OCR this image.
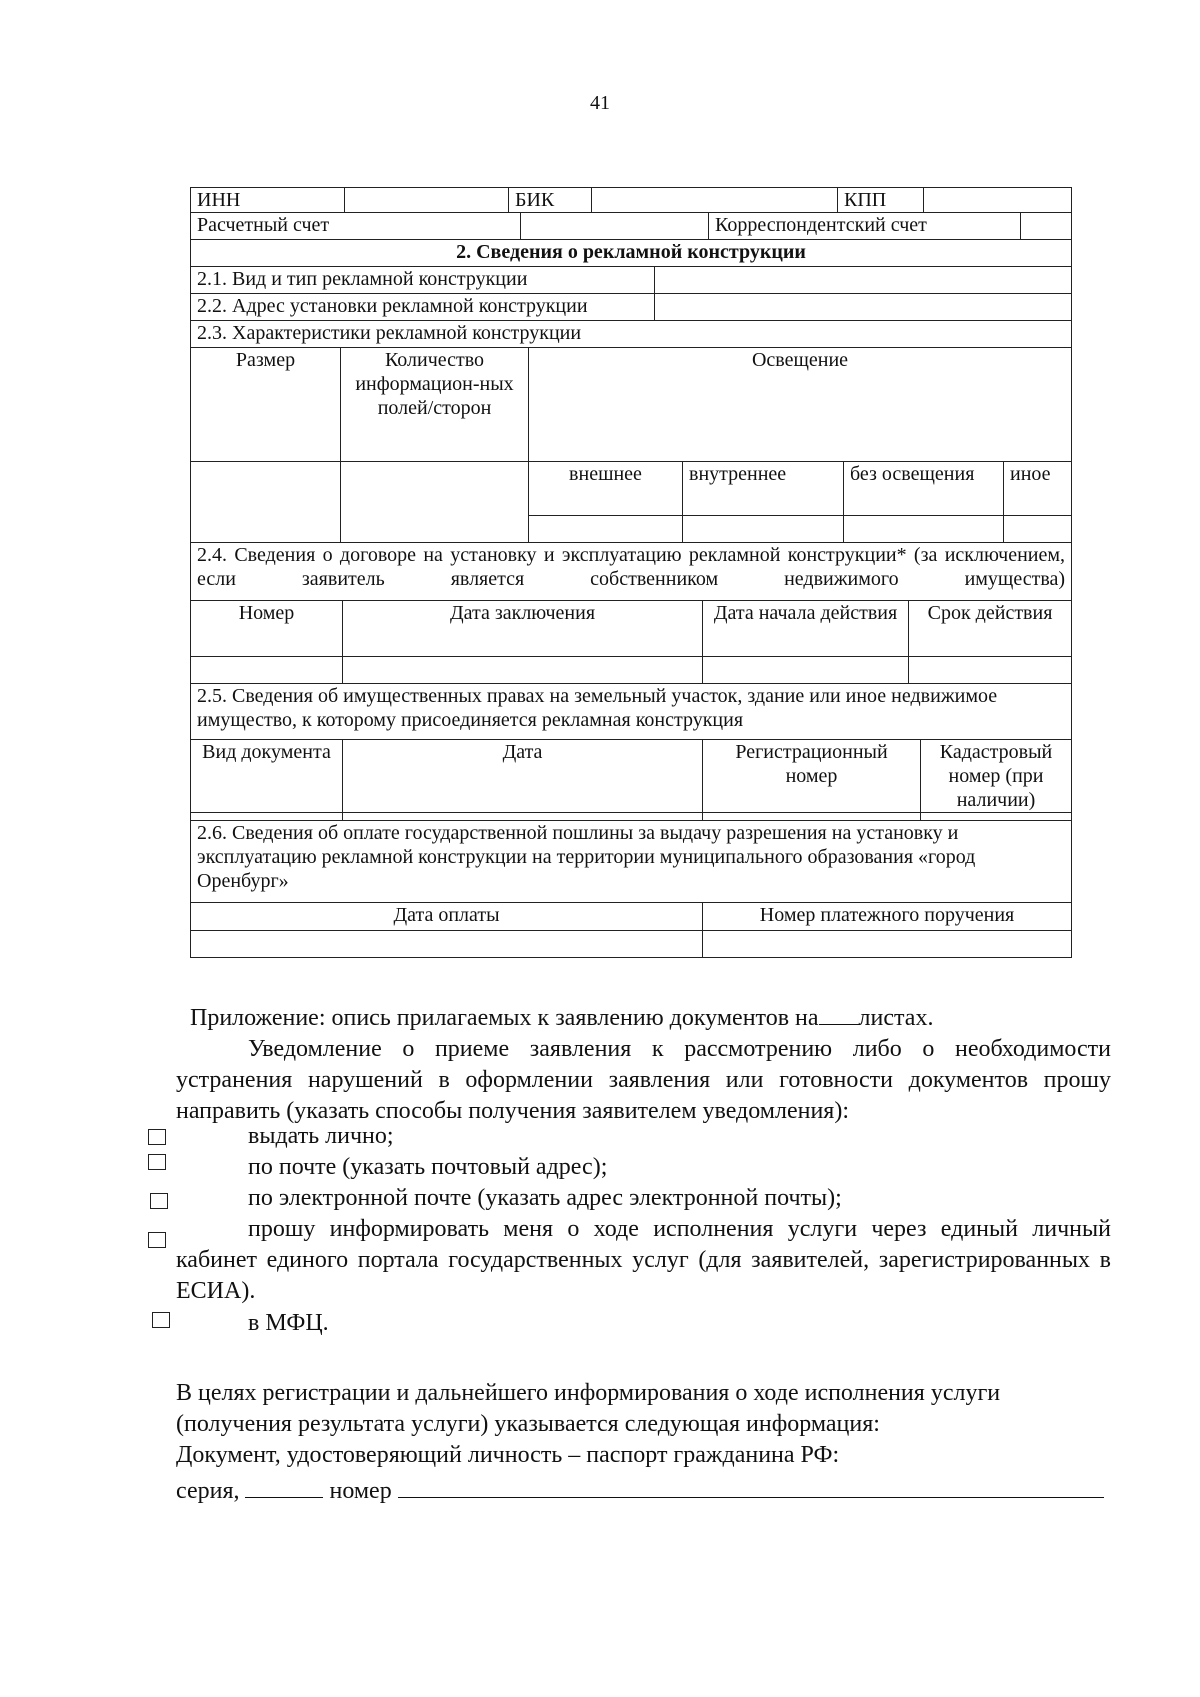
41
ИНН		БИК		КПП	
Расчетный счет		Корреспондентский счет	
2. Сведения о рекламной конструкции	
2.1. Вид и тип рекламной конструкции	
2.2. Адрес установки рекламной конструкции	
2.3. Характеристики рекламной конструкции	
Размер	Количество информацион-ных полей/сторон	Освещение			
		внешнее	внутреннее	без освещения	иное

2.4. Сведения о договоре на установку и эксплуатацию рекламной конструкции* (за исключением, если заявитель является собственником недвижимого имущества)			

Номер	Дата заключения	Дата начала действия	Срок действия

2.5. Сведения об имущественных правах на земельный участок, здание или иное недвижимое имущество, к которому присоединяется рекламная конструкция			
Вид документа	Дата	Регистрационный номер	Кадастровый номер (при наличии)

2.6. Сведения об оплате государственной пошлины за выдачу разрешения на установку и эксплуатацию рекламной конструкции на территории муниципального образования «город Оренбург»	
Дата оплаты	Номер платежного поручения

Приложение: опись прилагаемых к заявлению документов на листах.
Уведомление о приеме заявления к рассмотрению либо о необходимости устранения нарушений в оформлении заявления или готовности документов прошу направить (указать способы получения заявителем уведомления):
выдать лично;
по почте (указать почтовый адрес);
по электронной почте (указать адрес электронной почты);
прошу информировать меня о ходе исполнения услуги через единый личный кабинет единого портала государственных услуг (для заявителей, зарегистрированных в ЕСИА).
в МФЦ.
В целях регистрации и дальнейшего информирования о ходе исполнения услуги (получения результата услуги) указывается следующая информация:
Документ, удостоверяющий личность – паспорт гражданина РФ:
серия,	номер
